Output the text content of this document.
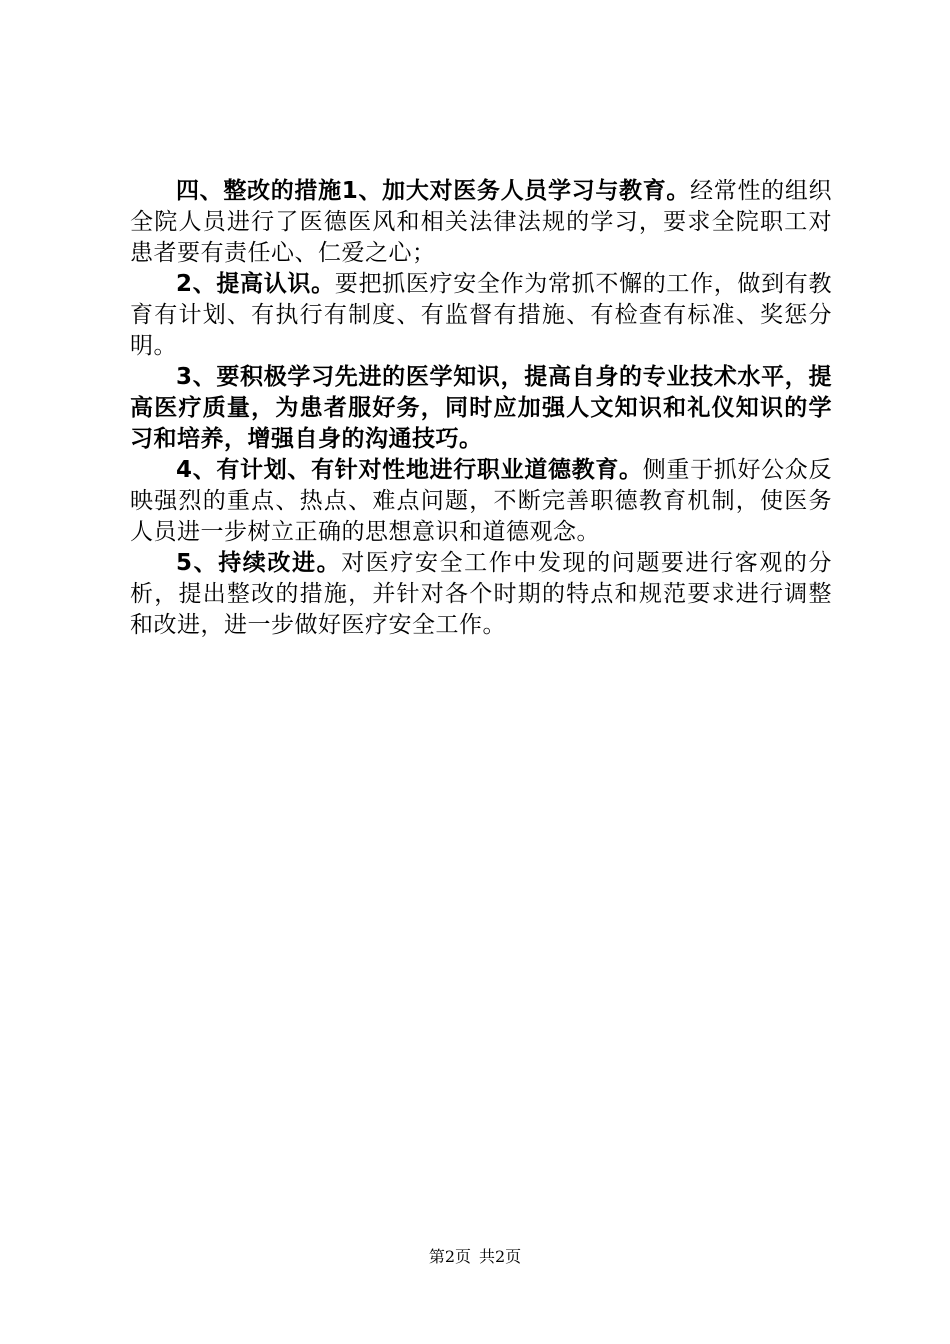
四、整改的措施1、加大对医务人员学习与教育。经常性的组织全院人员进行了医德医风和相关法律法规的学习，要求全院职工对患者要有责任心、仁爱之心；

2、提高认识。要把抓医疗安全作为常抓不懈的工作，做到有教育有计划、有执行有制度、有监督有措施、有检查有标准、奖惩分明。

3、要积极学习先进的医学知识，提高自身的专业技术水平，提高医疗质量，为患者服好务，同时应加强人文知识和礼仪知识的学习和培养，增强自身的沟通技巧。

4、有计划、有针对性地进行职业道德教育。侧重于抓好公众反映强烈的重点、热点、难点问题，不断完善职德教育机制，使医务人员进一步树立正确的思想意识和道德观念。

5、持续改进。对医疗安全工作中发现的问题要进行客观的分析，提出整改的措施，并针对各个时期的特点和规范要求进行调整和改进，进一步做好医疗安全工作。

第2页 共2页
